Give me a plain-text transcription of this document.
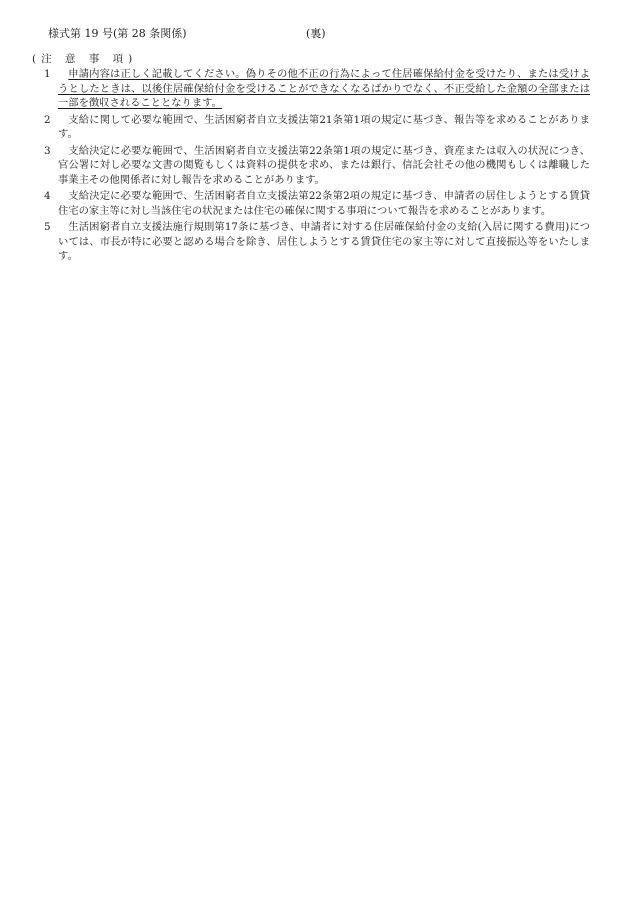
様式第 19 号(第 28 条関係)	(裏)
(注 意 事 項)
1	申請内容は正しく記載してください。偽りその他不正の行為によって住居確保給付金を受けたり、または受けようとしたときは、以後住居確保給付金を受けることができなくなるばかりでなく、不正受給した金額の全部または一部を徴収されることとなります。
2	支給に関して必要な範囲で、生活困窮者自立支援法第21条第1項の規定に基づき、報告等を求めることがあります。
3	支給決定に必要な範囲で、生活困窮者自立支援法第22条第1項の規定に基づき、資産または収入の状況につき、官公署に対し必要な文書の閲覧もしくは資料の提供を求め、または銀行、信託会社その他の機関もしくは離職した事業主その他関係者に対し報告を求めることがあります。
4	支給決定に必要な範囲で、生活困窮者自立支援法第22条第2項の規定に基づき、申請者の居住しようとする賃貸住宅の家主等に対し当該住宅の状況または住宅の確保に関する事項について報告を求めることがあります。
5	生活困窮者自立支援法施行規則第17条に基づき、申請者に対する住居確保給付金の支給(入居に関する費用)については、市長が特に必要と認める場合を除き、居住しようとする賃貸住宅の家主等に対して直接振込等をいたします。
